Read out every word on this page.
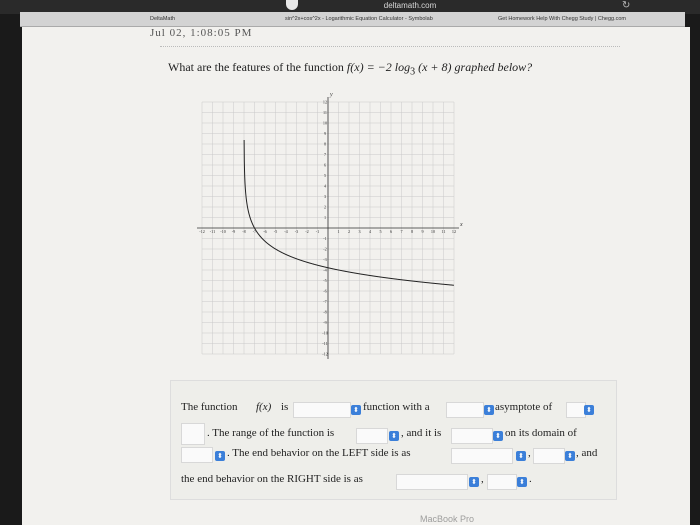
deltamath.com	↻
DeltaMath	sin^2x+cos^2x - Logarithmic Equation Calculator - Symbolab	Get Homework Help With Chegg Study | Chegg.com
Jul 02, 1:08:05 PM
What are the features of the function f(x) = −2 $\log_3 (x + 8)$ graphed below?
-12 -11 -10 -9 -8 -7 -6 -5 -4 -3 -2 -1	1 2 3 4 5 6 7 8 9 10 11 12
12
11
10
9
8
7
6
5
4
3
2
1
-1
-2
-3
-4
-5
-6
-7
-8
-9
-10
-11
-12
x
y
The function f(x) is	⬍ function with a	⬍ asymptote of	⬍
. The range of the function is	⬍ , and it is	⬍ on its domain of
⬍ . The end behavior on the LEFT side is as	⬍ ,	⬍ , and
the end behavior on the RIGHT side is as	⬍ ,	⬍ .
MacBook Pro
